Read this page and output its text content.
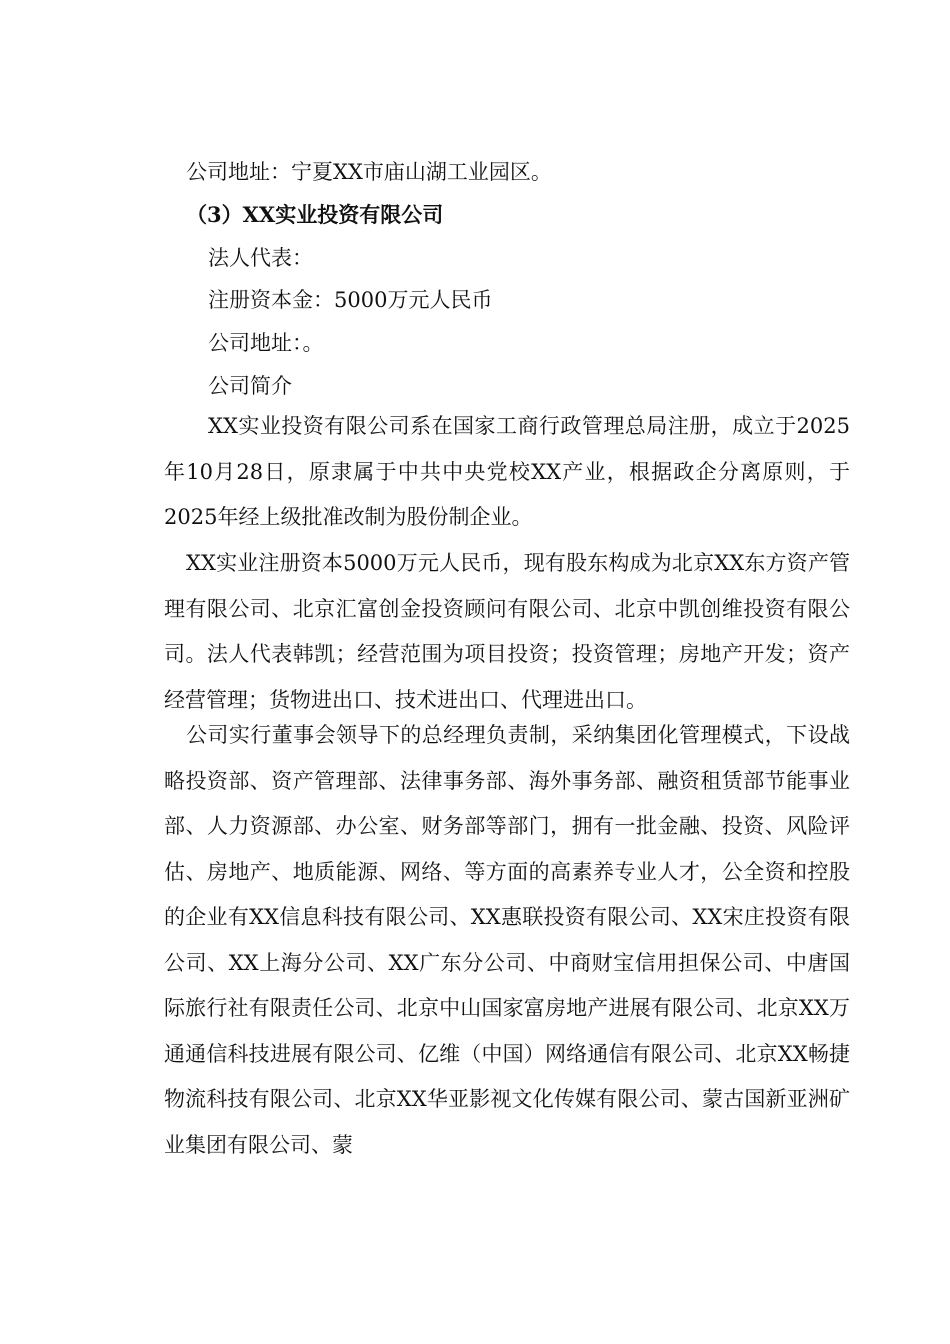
公司地址：宁夏XX市庙山湖工业园区。
（3）XX实业投资有限公司
法人代表：
注册资本金：5000万元人民币
公司地址：。
公司简介
XX实业投资有限公司系在国家工商行政管理总局注册，成立于2025年10月28日，原隶属于中共中央党校XX产业，根据政企分离原则，于2025年经上级批准改制为股份制企业。
XX实业注册资本5000万元人民币，现有股东构成为北京XX东方资产管理有限公司、北京汇富创金投资顾问有限公司、北京中凯创维投资有限公司。法人代表韩凯；经营范围为项目投资；投资管理；房地产开发；资产经营管理；货物进出口、技术进出口、代理进出口。
公司实行董事会领导下的总经理负责制，采纳集团化管理模式，下设战略投资部、资产管理部、法律事务部、海外事务部、融资租赁部节能事业部、人力资源部、办公室、财务部等部门，拥有一批金融、投资、风险评估、房地产、地质能源、网络、等方面的高素养专业人才，公全资和控股的企业有XX信息科技有限公司、XX惠联投资有限公司、XX宋庄投资有限公司、XX上海分公司、XX广东分公司、中商财宝信用担保公司、中唐国际旅行社有限责任公司、北京中山国家富房地产进展有限公司、北京XX万通通信科技进展有限公司、亿维（中国）网络通信有限公司、北京XX畅捷物流科技有限公司、北京XX华亚影视文化传媒有限公司、蒙古国新亚洲矿业集团有限公司、蒙
